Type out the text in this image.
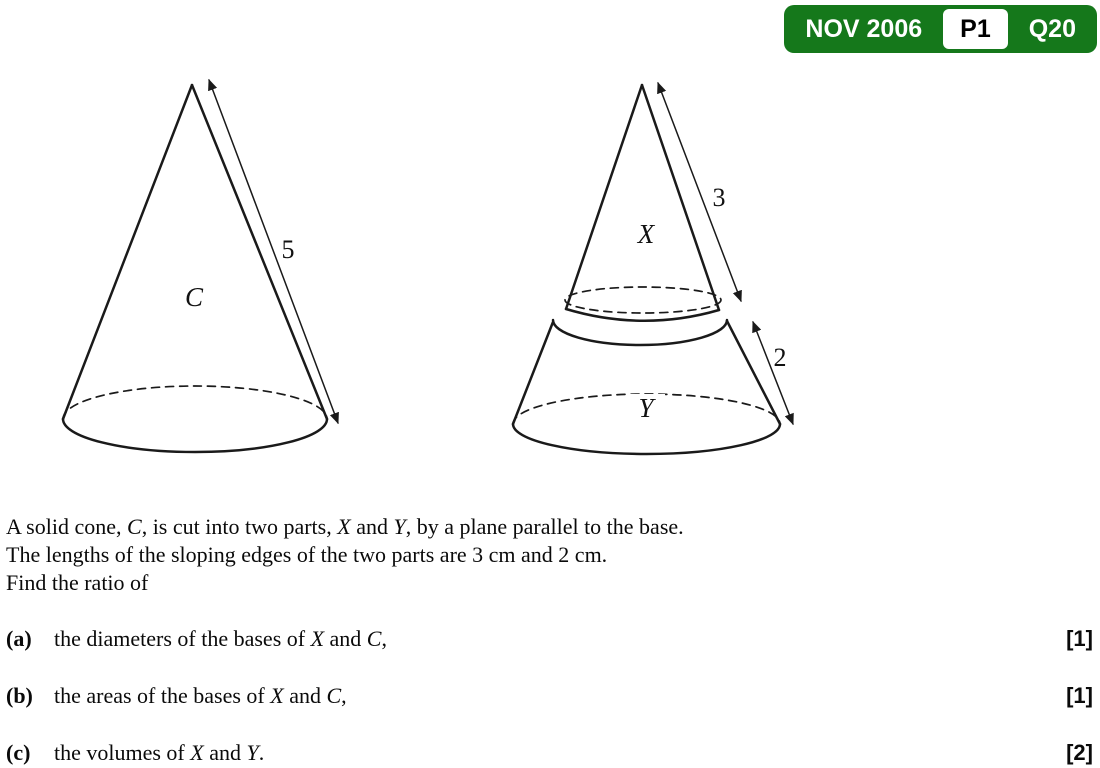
NOV 2006	P1	Q20
C
5
X
3
Y
2
A solid cone, C, is cut into two parts, X and Y, by a plane parallel to the base.
The lengths of the sloping edges of the two parts are 3 cm and 2 cm.
Find the ratio of
(a)	the diameters of the bases of X and C,	[1]
(b) the areas of the bases of X and C,	[1]
(c)	the volumes of X and Y.	[2]
